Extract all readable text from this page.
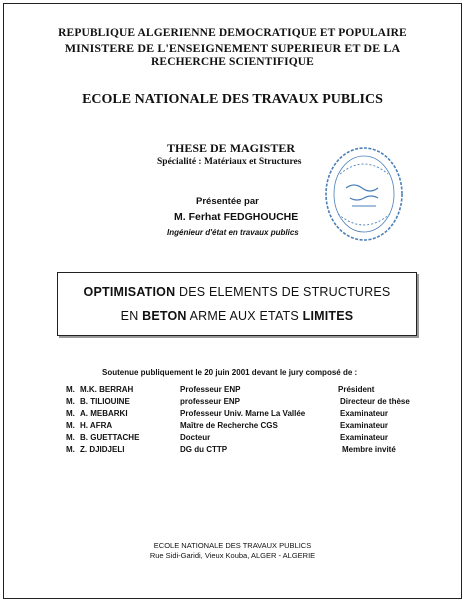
REPUBLIQUE ALGERIENNE DEMOCRATIQUE ET POPULAIRE
MINISTERE DE L'ENSEIGNEMENT SUPERIEUR ET DE LA
RECHERCHE SCIENTIFIQUE
ECOLE NATIONALE DES TRAVAUX PUBLICS
THESE DE MAGISTER
Spécialité : Matériaux et Structures
Présentée par
M. Ferhat FEDGHOUCHE
Ingénieur d'état en travaux publics
OPTIMISATION DES ELEMENTS DE STRUCTURES
EN BETON ARME AUX ETATS LIMITES
Soutenue publiquement le 20 juin 2001 devant le jury composé de :
M. M.K. BERRAH	Professeur ENP	Président
M. B. TILIOUINE	professeur ENP	Directeur de thèse
M. A. MEBARKI	Professeur Univ. Marne La Vallée	Examinateur
M. H. AFRA	Maître de Recherche CGS	Examinateur
M. B. GUETTACHE	Docteur	Examinateur
M. Z. DJIDJELI	DG du CTTP	Membre invité
ECOLE NATIONALE DES TRAVAUX PUBLICS
Rue Sidi-Garidi, Vieux Kouba, ALGER - ALGERIE
